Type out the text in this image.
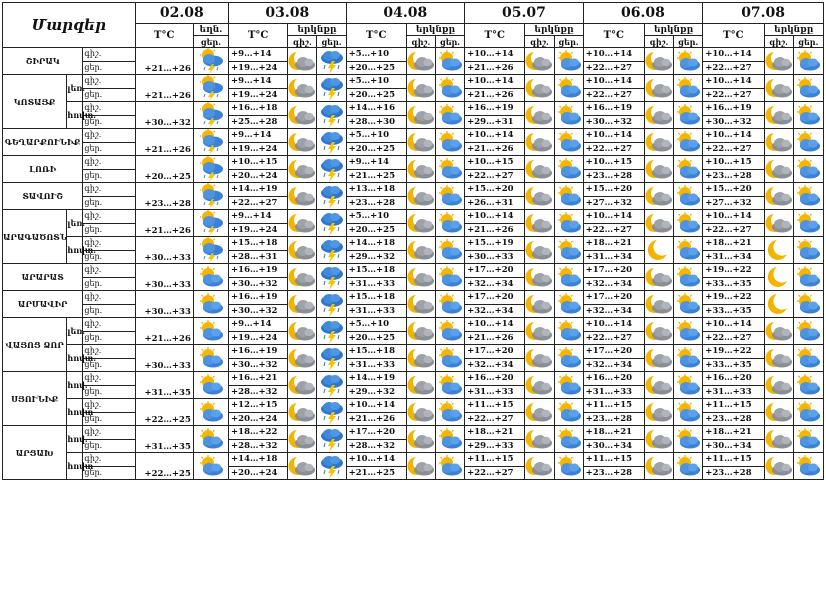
Մարզեր			02.08		03.08			04.08			05.07			06.08			07.08		
			T°C	եղն.	T°C	երկնքը		T°C	երկնքը		T°C	երկնքը		T°C	երկնքը		T°C	երկնքը	
				ցեր.		գիշ.	ցեր.		գիշ.	ցեր.		գիշ.	ցեր.		գիշ.	ցեր.		գիշ.	ցեր.
ՇԻՐԱԿ		գիշ.	+21…+26		+9…+14			+5…+10			+10…+14			+10…+14			+10…+14	

		ցեր.			+19…+24			+20…+25			+21…+26			+22…+27			+22…+27		
ԿՈՏԱՅՔ	լեռ.	գիշ.	+21…+26		+9…+14			+5…+10			+10…+14			+10…+14			+10…+14	

		ցեր.			+19…+24			+20…+25			+21…+26			+22…+27			+22…+27		
	հովտ.	գիշ.	+30…+32		+16…+18			+14…+16			+16…+19			+16…+19			+16…+19	

		ցեր.			+25…+28			+28…+30			+29…+31			+30…+32			+30…+32		
ԳԵՂԱՐՔՈՒՆԻՔ		գիշ.	+21…+26		+9…+14			+5…+10			+10…+14			+10…+14			+10…+14	

		ցեր.			+19…+24			+20…+25			+21…+26			+22…+27			+22…+27		
ԼՈՌԻ		գիշ.	+20…+25		+10…+15			+9…+14			+10…+15			+10…+15			+10…+15	

		ցեր.			+20…+24			+21…+25			+22…+27			+23…+28			+23…+28		
ՏԱՎՈՒՇ		գիշ.	+23…+28		+14…+19			+13…+18			+15…+20			+15…+20			+15…+20	

		ցեր.			+22…+27			+23…+28			+26…+31			+27…+32			+27…+32		
ԱՐԱԳԱԾՈՏՆ	լեռ.	գիշ.	+21…+26		+9…+14			+5…+10			+10…+14			+10…+14			+10…+14	

		ցեր.			+19…+24			+20…+25			+21…+26			+22…+27			+22…+27		
	հովտ.	գիշ.	+30…+33		+15…+18			+14…+18			+15…+19			+18…+21			+18…+21	

		ցեր.			+28…+31			+29…+32			+30…+33			+31…+34			+31…+34		
ԱՐԱՐԱՏ		գիշ.	+30…+33		+16…+19			+15…+18			+17…+20			+17…+20			+19…+22	

		ցեր.			+30…+32			+31…+33			+32…+34			+32…+34			+33…+35		
ԱՐՄԱՎԻՐ		գիշ.	+30…+33		+16…+19			+15…+18			+17…+20			+17…+20			+19…+22	

		ցեր.			+30…+32			+31…+33			+32…+34			+32…+34			+33…+35		
ՎԱՅՈՑ ՁՈՐ	լեռ.	գիշ.	+21…+26		+9…+14			+5…+10			+10…+14			+10…+14			+10…+14	

		ցեր.			+19…+24			+20…+25			+21…+26			+22…+27			+22…+27		
	հովտ.	գիշ.	+30…+33		+16…+19			+15…+18			+17…+20			+17…+20			+19…+22	

		ցեր.			+30…+32			+31…+33			+32…+34			+32…+34			+33…+35		
ՍՅՈՒՆԻՔ	հով.	գիշ.	+31…+35		+16…+21			+14…+19			+16…+20			+16…+20			+16…+20	

		ցեր.			+28…+32			+29…+32			+31…+33			+31…+33			+31…+33		
	հովտ	գիշ.	+22…+25		+12…+15			+10…+14			+11…+15			+11…+15			+11…+15	

		ցեր.			+20…+24			+21…+26			+22…+27			+23…+28			+23…+28		
ԱՐՑԱԽ	հով.	գիշ.	+31…+35		+18…+22			+17…+20			+18…+21			+18…+21			+18…+21	

		ցեր.			+28…+32			+28…+32			+29…+33			+30…+34			+30…+34		
	հովտ	գիշ.	+22…+25		+14…+18			+10…+14			+11…+15			+11…+15			+11…+15	

		ցեր.			+20…+24			+21…+25			+22…+27			+23…+28			+23…+28		
